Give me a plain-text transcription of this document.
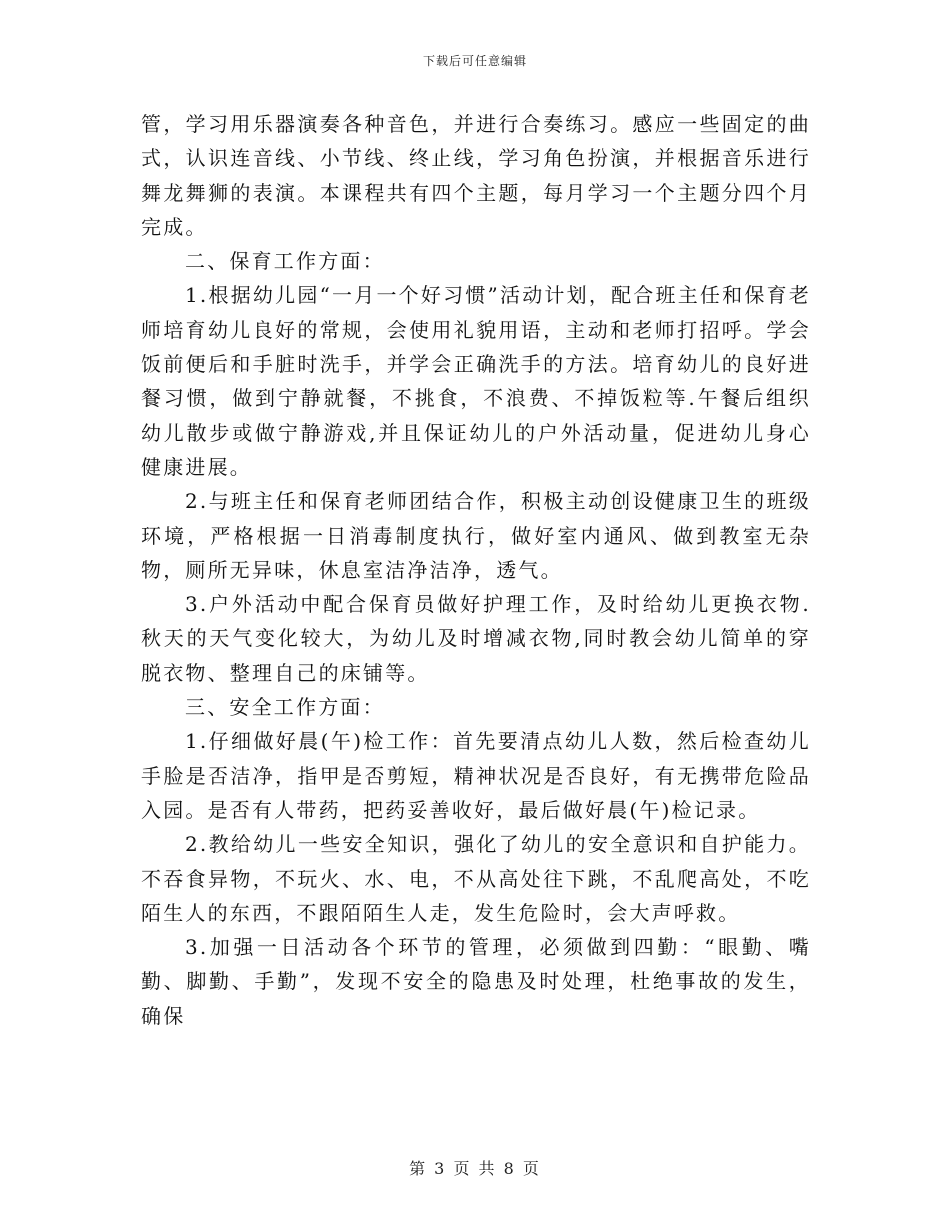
下载后可任意编辑

管，学习用乐器演奏各种音色，并进行合奏练习。感应一些固定的曲式，认识连音线、小节线、终止线，学习角色扮演，并根据音乐进行舞龙舞狮的表演。本课程共有四个主题，每月学习一个主题分四个月完成。

二、保育工作方面：

1.根据幼儿园“一月一个好习惯”活动计划，配合班主任和保育老师培育幼儿良好的常规，会使用礼貌用语，主动和老师打招呼。学会饭前便后和手脏时洗手，并学会正确洗手的方法。培育幼儿的良好进餐习惯，做到宁静就餐，不挑食，不浪费、不掉饭粒等.午餐后组织幼儿散步或做宁静游戏,并且保证幼儿的户外活动量，促进幼儿身心健康进展。

2.与班主任和保育老师团结合作，积极主动创设健康卫生的班级环境，严格根据一日消毒制度执行，做好室内通风、做到教室无杂物，厕所无异味，休息室洁净洁净，透气。

3.户外活动中配合保育员做好护理工作，及时给幼儿更换衣物.秋天的天气变化较大，为幼儿及时增减衣物,同时教会幼儿简单的穿脱衣物、整理自己的床铺等。

三、安全工作方面：

1.仔细做好晨(午)检工作：首先要清点幼儿人数，然后检查幼儿手脸是否洁净，指甲是否剪短，精神状况是否良好，有无携带危险品入园。是否有人带药，把药妥善收好，最后做好晨(午)检记录。

2.教给幼儿一些安全知识，强化了幼儿的安全意识和自护能力。不吞食异物，不玩火、水、电，不从高处往下跳，不乱爬高处，不吃陌生人的东西，不跟陌陌生人走，发生危险时，会大声呼救。

3.加强一日活动各个环节的管理，必须做到四勤：“眼勤、嘴勤、脚勤、手勤”，发现不安全的隐患及时处理，杜绝事故的发生，确保

第 3 页 共 8 页
